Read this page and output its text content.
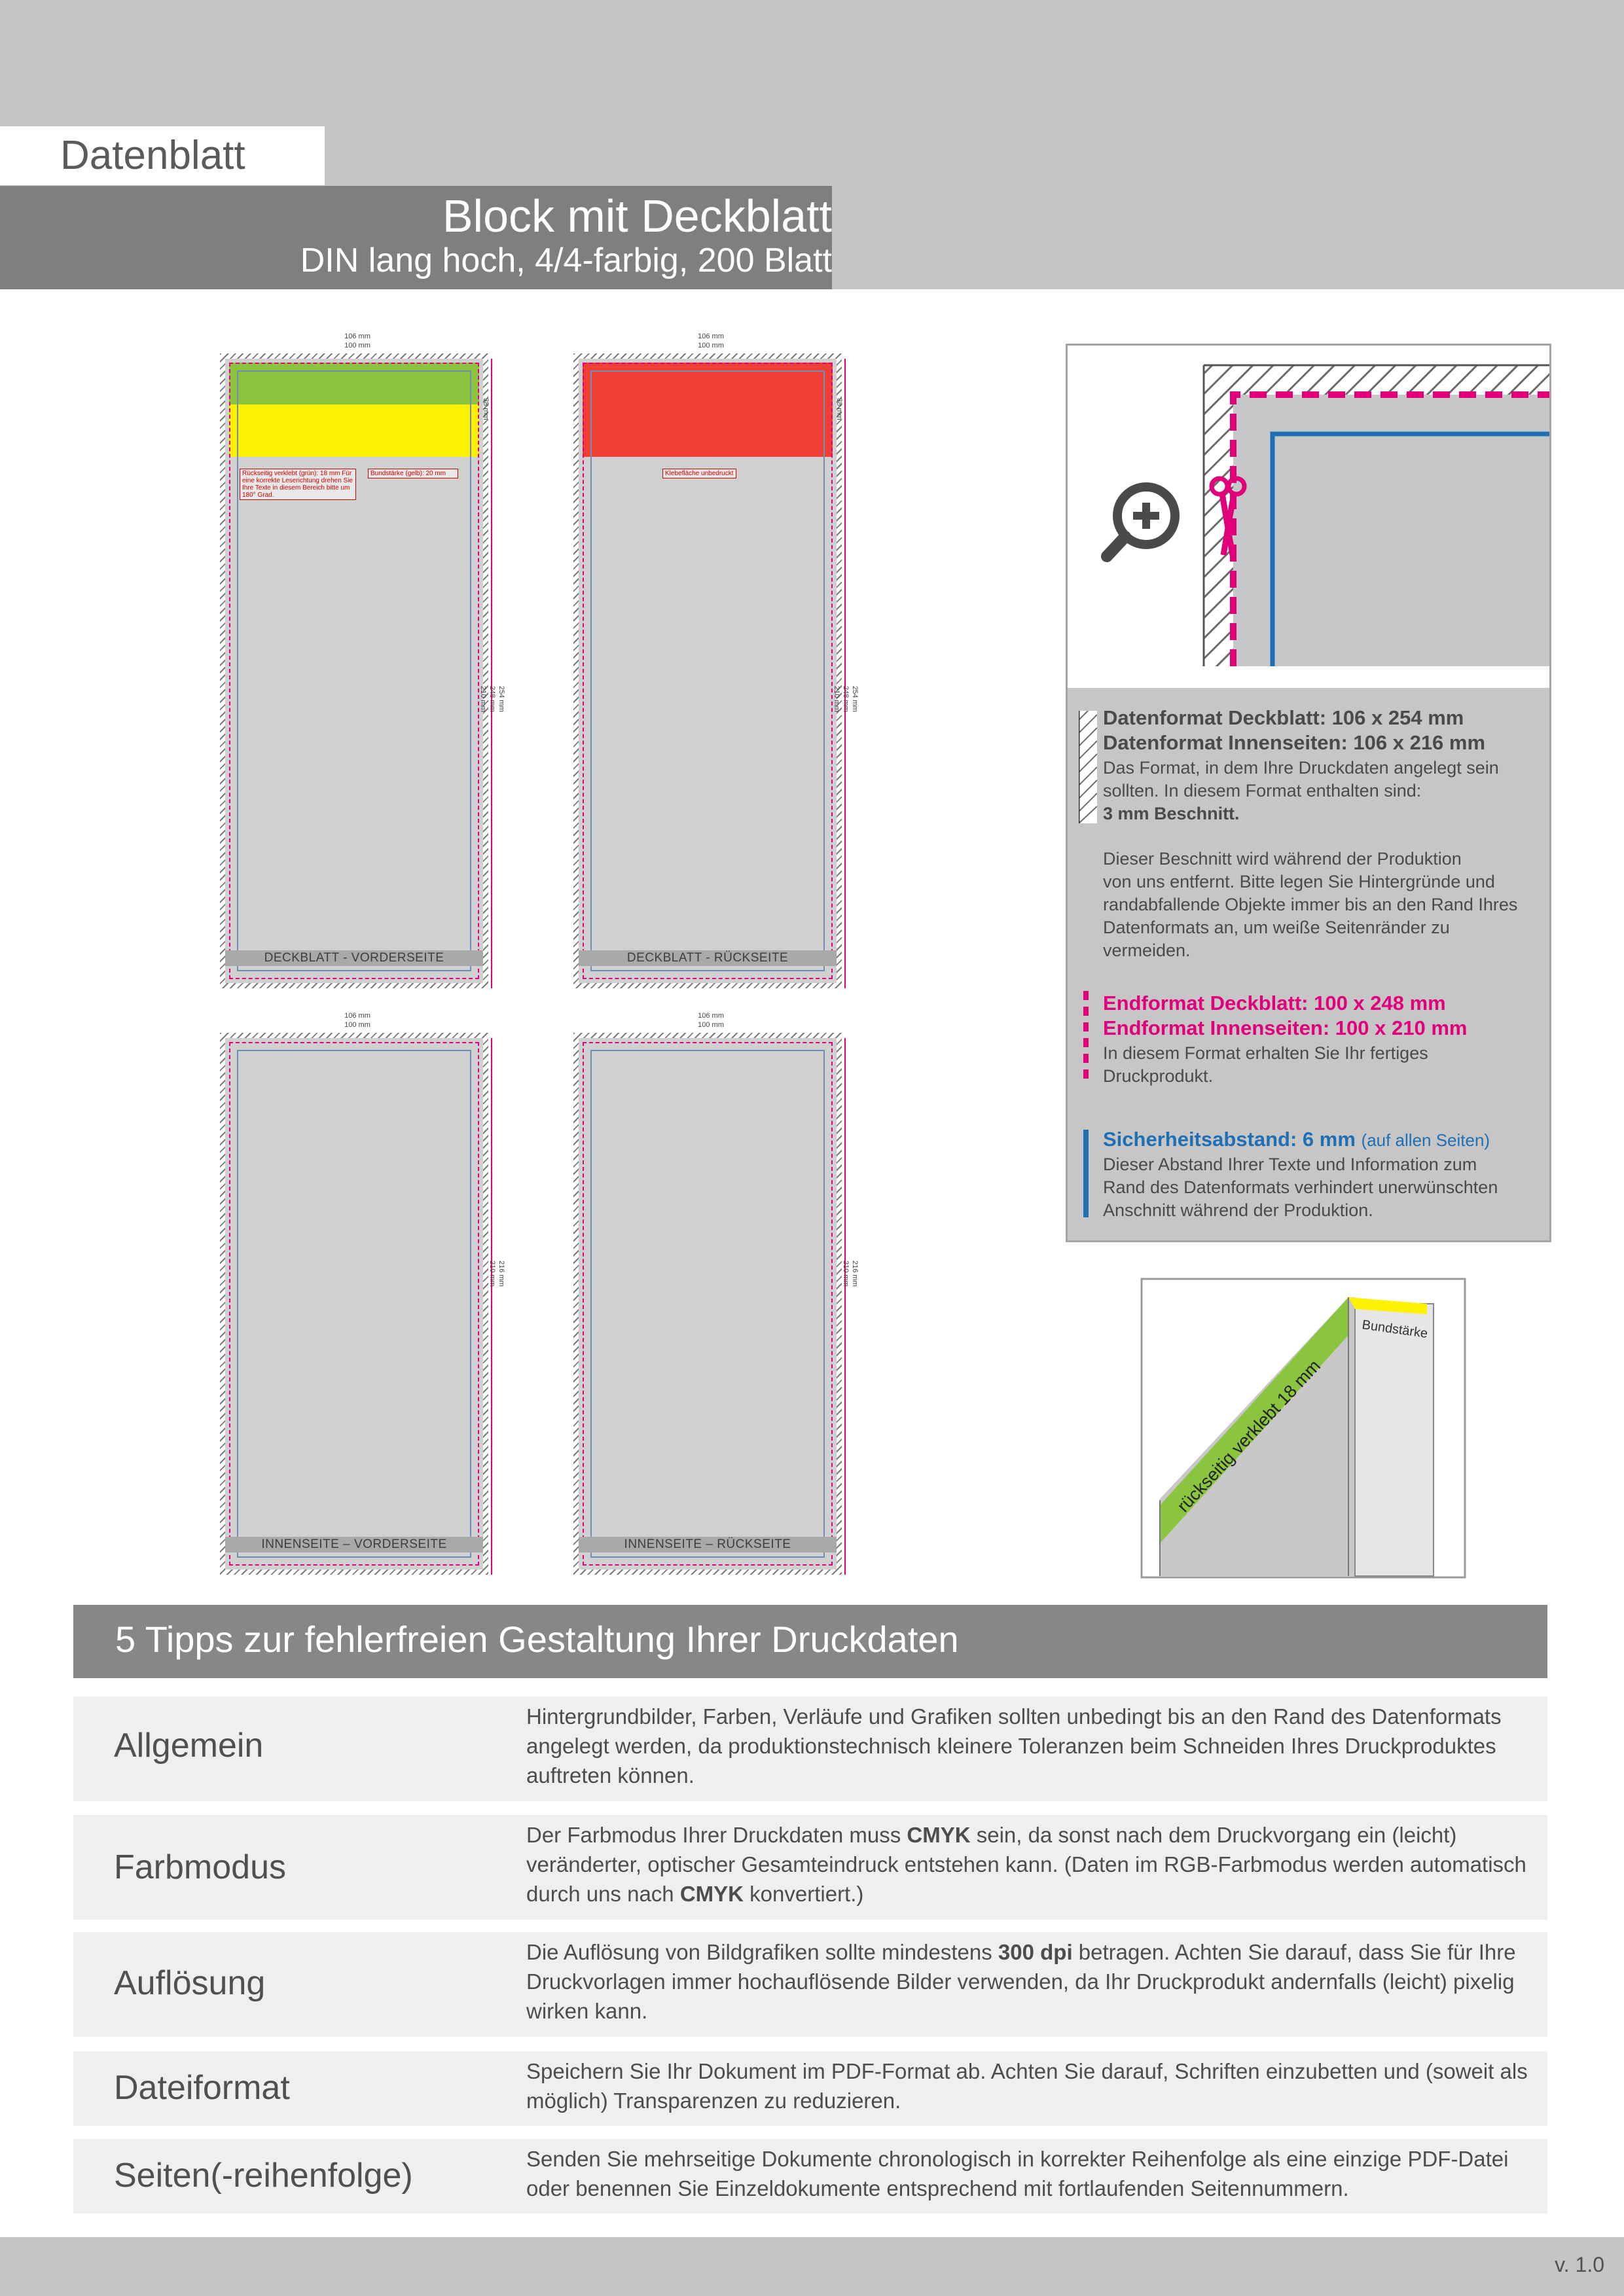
Datenblatt
Block mit Deckblatt
DIN lang hoch, 4/4-farbig, 200 Blatt
106 mm
100 mm
Rückseitig verklebt (grün): 18 mm Für eine korrekte Leserichtung drehen Sie Ihre Texte in diesem Bereich bitte um 180° Grad.
Bundstärke (gelb): 20 mm
DECKBLATT - VORDERSEITE
38 mm
254 mm
248 mm
210 mm
106 mm
100 mm
Klebefläche unbedruckt
DECKBLATT - RÜCKSEITE
38 mm
254 mm
248 mm
210 mm
106 mm
100 mm
INNENSEITE – VORDERSEITE
216 mm
210 mm
106 mm
100 mm
INNENSEITE – RÜCKSEITE
216 mm
210 mm
Datenformat Deckblatt: 106 x 254 mm
Datenformat Innenseiten: 106 x 216 mm
Das Format, in dem Ihre Druckdaten angelegt sein
sollten. In diesem Format enthalten sind:
3 mm Beschnitt.
Dieser Beschnitt wird während der Produktion
von uns entfernt. Bitte legen Sie Hintergründe und
randabfallende Objekte immer bis an den Rand Ihres
Datenformats an, um weiße Seitenränder zu
vermeiden.
Endformat Deckblatt: 100 x 248 mm
Endformat Innenseiten: 100 x 210 mm
In diesem Format erhalten Sie Ihr fertiges
Druckprodukt.
Sicherheitsabstand: 6 mm (auf allen Seiten)
Dieser Abstand Ihrer Texte und Information zum
Rand des Datenformats verhindert unerwünschten
Anschnitt während der Produktion.
Bundstärke
rückseitig verklebt 18 mm
5 Tipps zur fehlerfreien Gestaltung Ihrer Druckdaten
Allgemein
Hintergrundbilder, Farben, Verläufe und Grafiken sollten unbedingt bis an den Rand des Datenformats angelegt werden, da produktionstechnisch kleinere Toleranzen beim Schneiden Ihres Druckproduktes auftreten können.
Farbmodus
Der Farbmodus Ihrer Druckdaten muss CMYK sein, da sonst nach dem Druckvorgang ein (leicht) veränderter, optischer Gesamteindruck entstehen kann. (Daten im RGB-Farbmodus werden automatisch durch uns nach CMYK konvertiert.)
Auflösung
Die Auflösung von Bildgrafiken sollte mindestens 300 dpi betragen. Achten Sie darauf, dass Sie für Ihre Druckvorlagen immer hochauflösende Bilder verwenden, da Ihr Druckprodukt andernfalls (leicht) pixelig wirken kann.
Dateiformat	Speichern Sie Ihr Dokument im PDF-Format ab. Achten Sie darauf, Schriften einzubetten und (soweit als möglich) Transparenzen zu reduzieren.
Seiten(-reihenfolge)	Senden Sie mehrseitige Dokumente chronologisch in korrekter Reihenfolge als eine einzige PDF-Datei oder benennen Sie Einzeldokumente entsprechend mit fortlaufenden Seitennummern.
v. 1.0
